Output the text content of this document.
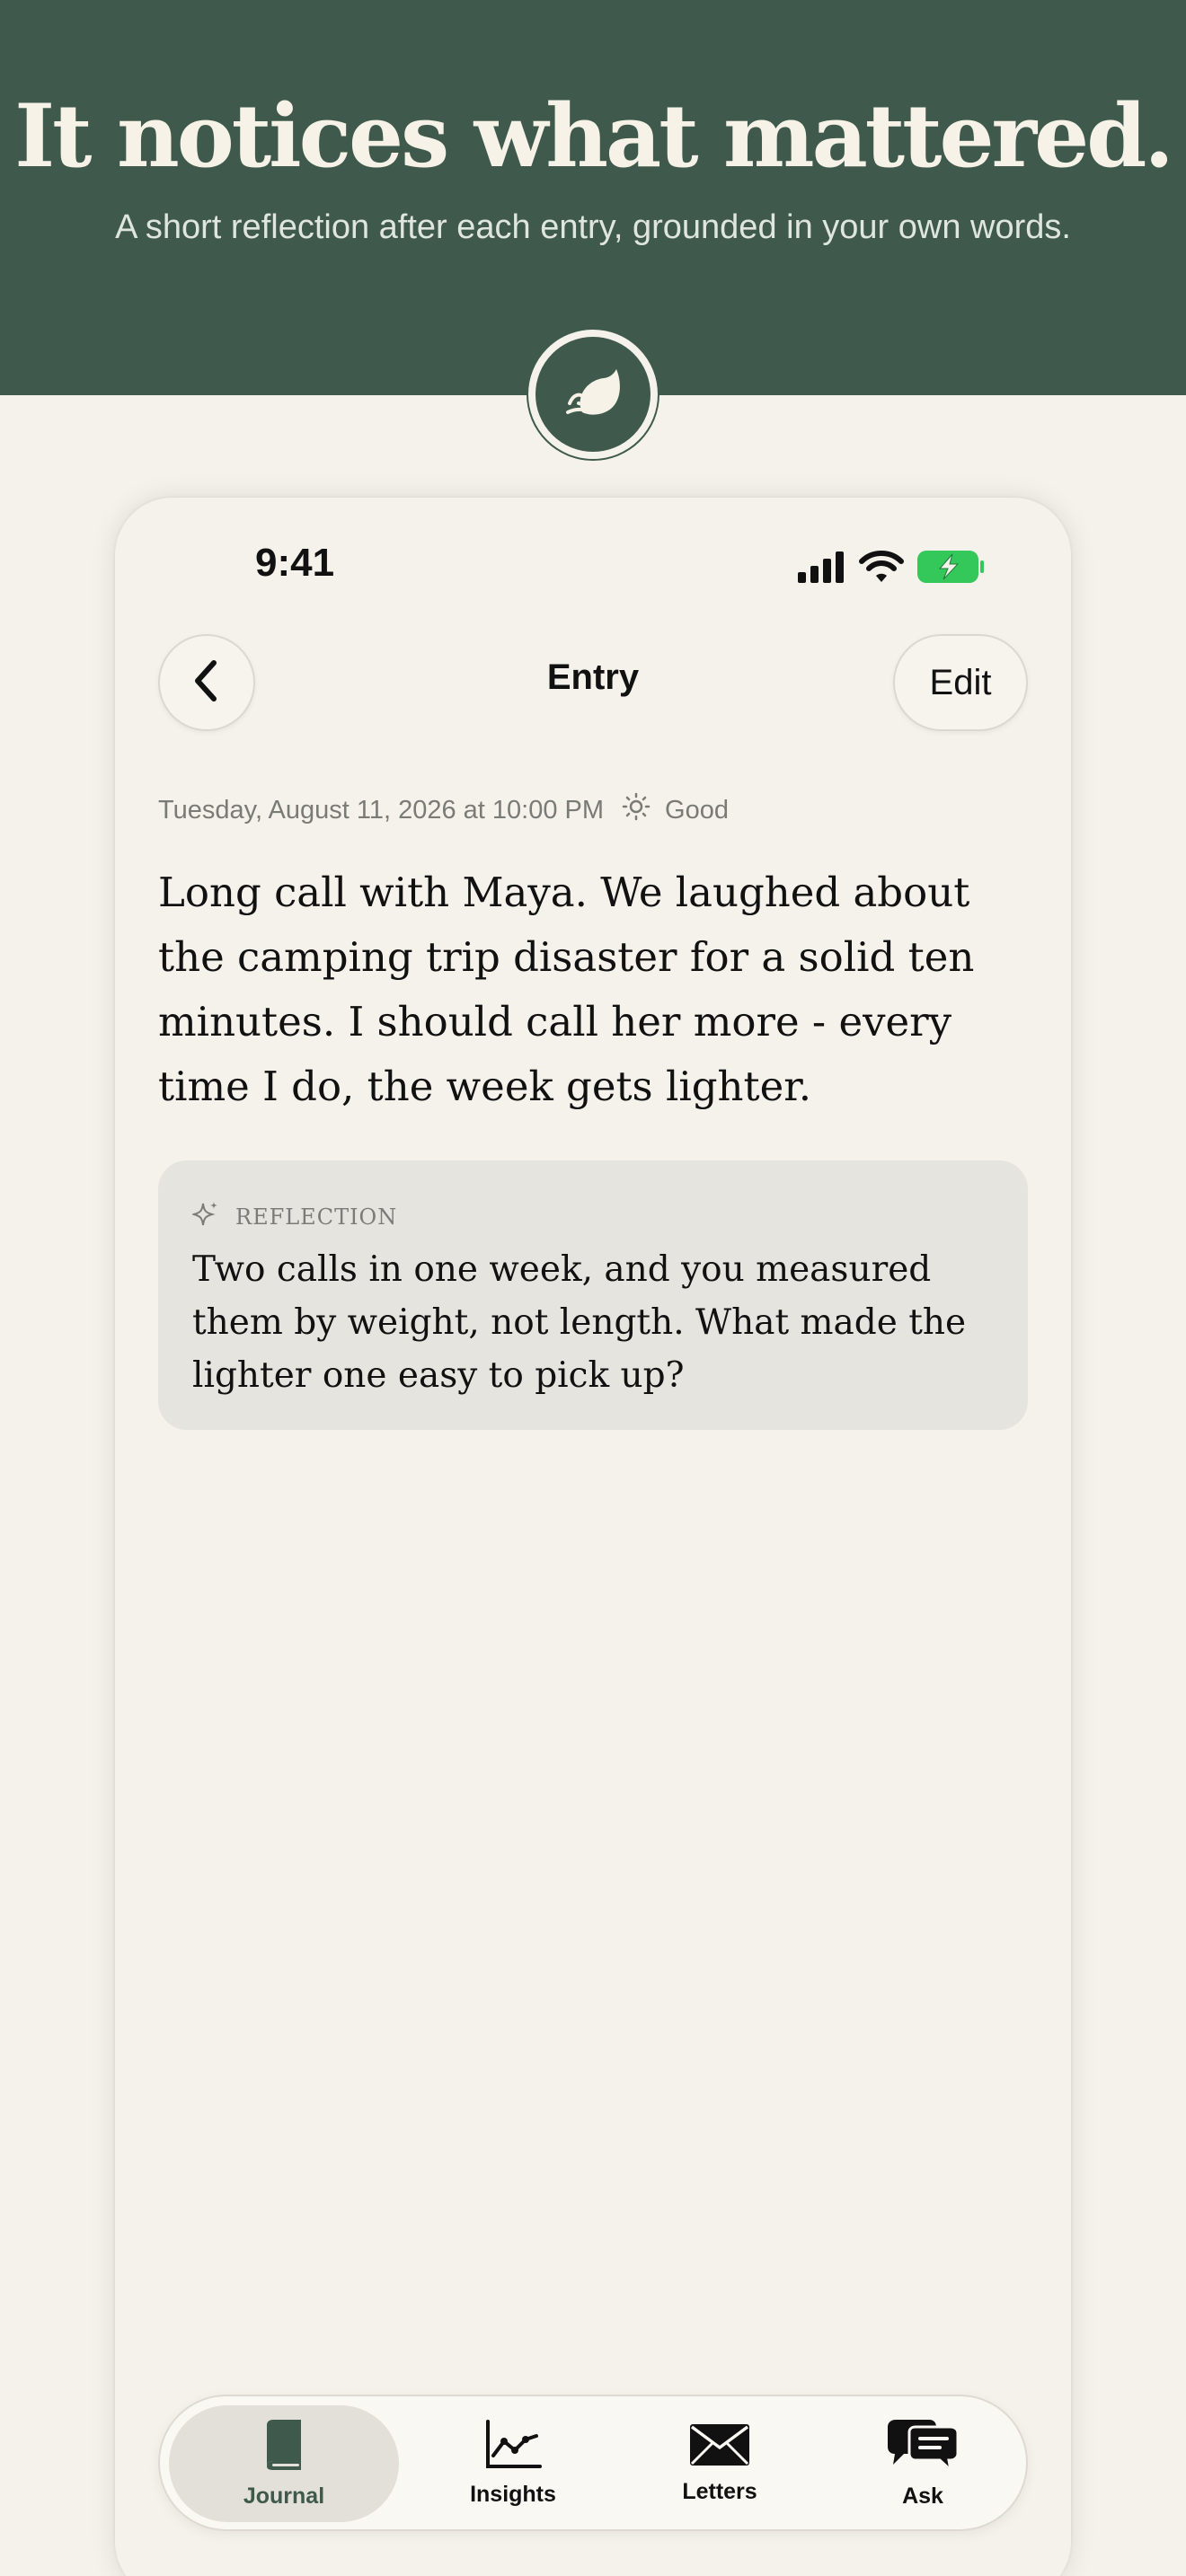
It notices what mattered.
A short reflection after each entry, grounded in your own words.
9:41
Entry	Edit
Tuesday, August 11, 2026 at 10:00 PM Good
Long call with Maya. We laughed about the camping trip disaster for a solid ten minutes. I should call her more - every time I do, the week gets lighter.
REFLECTION
Two calls in one week, and you measured them by weight, not length. What made the lighter one easy to pick up?
Journal	Insights	Letters	Ask
